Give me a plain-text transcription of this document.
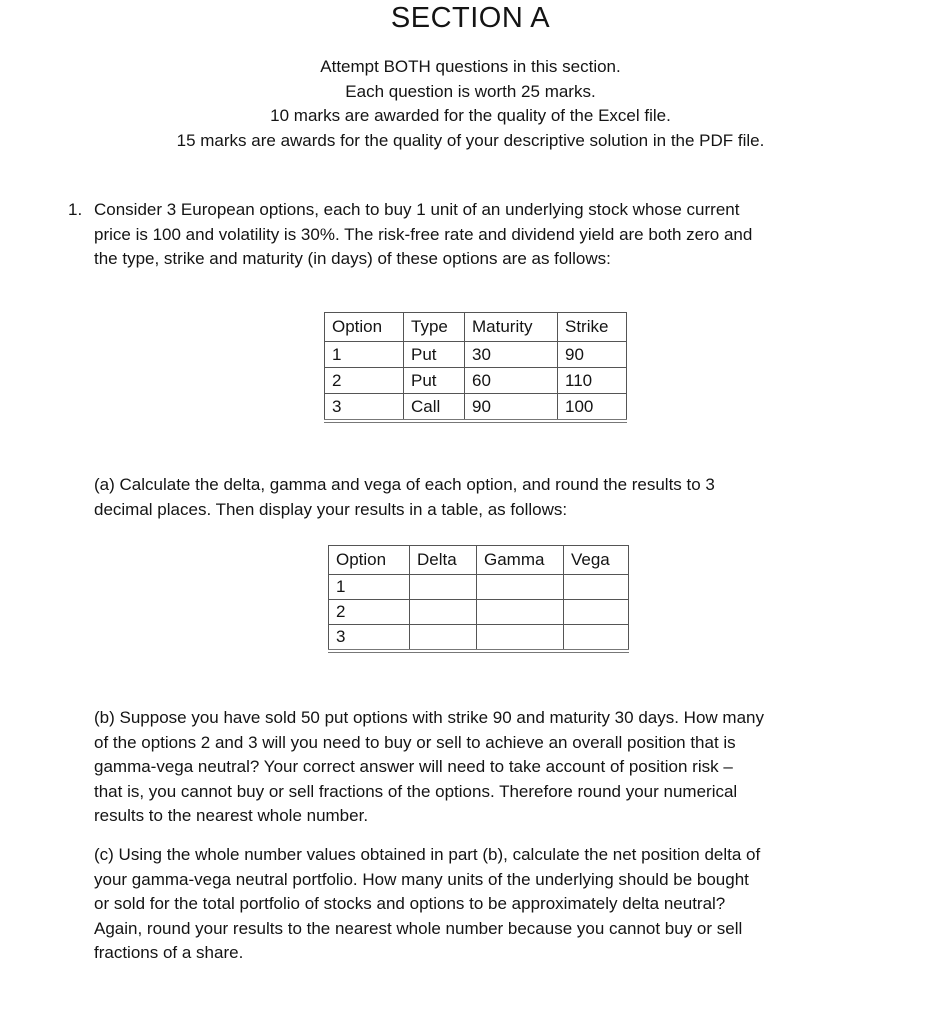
SECTION A
Attempt BOTH questions in this section.
Each question is worth 25 marks.
10 marks are awarded for the quality of the Excel file.
15 marks are awards for the quality of your descriptive solution in the PDF file.
1. Consider 3 European options, each to buy 1 unit of an underlying stock whose current
price is 100 and volatility is 30%. The risk-free rate and dividend yield are both zero and
the type, strike and maturity (in days) of these options are as follows:
Option	Type	Maturity	Strike
1	Put	30	90
2	Put	60	110
3	Call	90	100
(a) Calculate the delta, gamma and vega of each option, and round the results to 3
decimal places. Then display your results in a table, as follows:
Option	Delta	Gamma	Vega
1			
2			
3			
(b) Suppose you have sold 50 put options with strike 90 and maturity 30 days. How many
of the options 2 and 3 will you need to buy or sell to achieve an overall position that is
gamma-vega neutral? Your correct answer will need to take account of position risk –
that is, you cannot buy or sell fractions of the options. Therefore round your numerical
results to the nearest whole number.
(c) Using the whole number values obtained in part (b), calculate the net position delta of
your gamma-vega neutral portfolio. How many units of the underlying should be bought
or sold for the total portfolio of stocks and options to be approximately delta neutral?
Again, round your results to the nearest whole number because you cannot buy or sell
fractions of a share.
